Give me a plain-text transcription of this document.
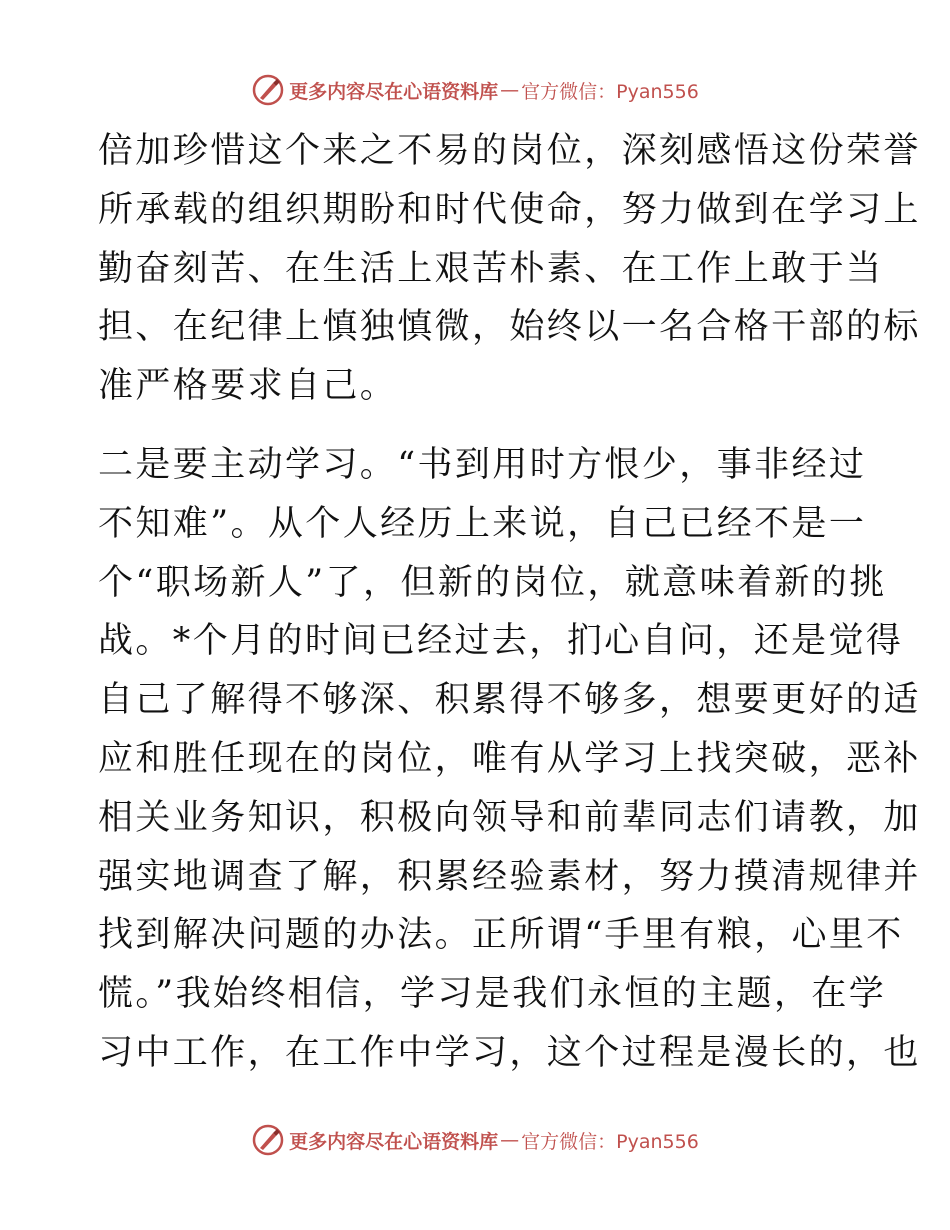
更多内容尽在心语资料库 — 官方微信：Pyan556
倍加珍惜这个来之不易的岗位，深刻感悟这份荣誉
所承载的组织期盼和时代使命，努力做到在学习上
勤奋刻苦、在生活上艰苦朴素、在工作上敢于当
担、在纪律上慎独慎微，始终以一名合格干部的标
准严格要求自己。
二是要主动学习。“书到用时方恨少，事非经过
不知难”。从个人经历上来说，自己已经不是一
个“职场新人”了，但新的岗位，就意味着新的挑
战。*个月的时间已经过去，扪心自问，还是觉得
自己了解得不够深、积累得不够多，想要更好的适
应和胜任现在的岗位，唯有从学习上找突破，恶补
相关业务知识，积极向领导和前辈同志们请教，加
强实地调查了解，积累经验素材，努力摸清规律并
找到解决问题的办法。正所谓“手里有粮，心里不
慌。”我始终相信，学习是我们永恒的主题，在学
习中工作，在工作中学习，这个过程是漫长的，也
更多内容尽在心语资料库 — 官方微信：Pyan556
